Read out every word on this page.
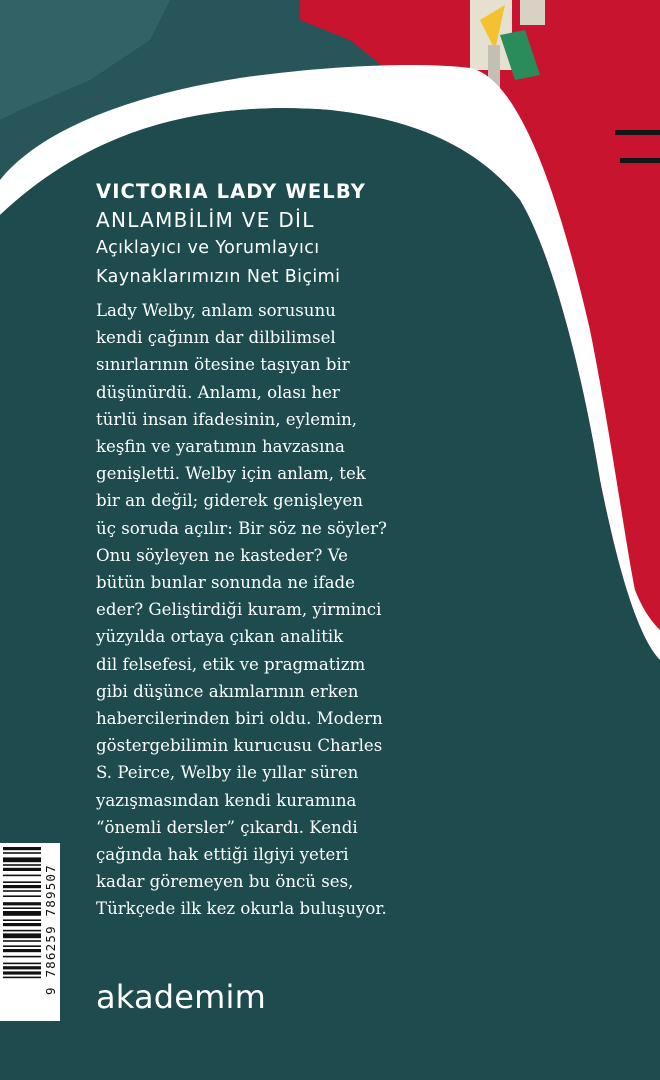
VICTORIA LADY WELBY

ANLAMBİLİM VE DİL

Açıklayıcı ve Yorumlayıcı

Kaynaklarımızın Net Biçimi

Lady Welby, anlam sorusunu
kendi çağının dar dilbilimsel
sınırlarının ötesine taşıyan bir
düşünürdü. Anlamı, olası her
türlü insan ifadesinin, eylemin,
keşfin ve yaratımın havzasına
genişletti. Welby için anlam, tek
bir an değil; giderek genişleyen
üç soruda açılır: Bir söz ne söyler?
Onu söyleyen ne kasteder? Ve
bütün bunlar sonunda ne ifade
eder? Geliştirdiği kuram, yirminci
yüzyılda ortaya çıkan analitik
dil felsefesi, etik ve pragmatizm
gibi düşünce akımlarının erken
habercilerinden biri oldu. Modern
göstergebilimin kurucusu Charles
S. Peirce, Welby ile yıllar süren
yazışmasından kendi kuramına
“önemli dersler” çıkardı. Kendi
çağında hak ettiği ilgiyi yeteri
kadar göremeyen bu öncü ses,
Türkçede ilk kez okurla buluşuyor.
9 786259 789507
akademim
